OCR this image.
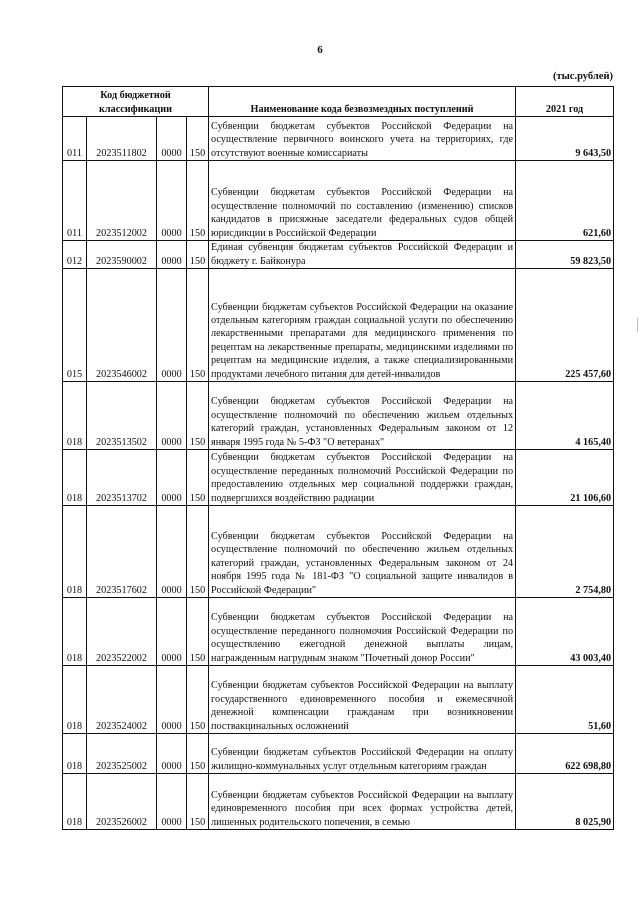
6
(тыс.рублей)
Код бюджетной классификации				Наименование кода безвозмездных поступлений	2021 год
011	2023511802	0000	150	Субвенции бюджетам субъектов Российской Федерации на осуществление первичного воинского учета на территориях, где отсутствуют военные комиссариаты	9 643,50
011	2023512002	0000	150	Субвенции бюджетам субъектов Российской Федерации на осуществление полномочий по составлению (изменению) списков кандидатов в присяжные заседатели федеральных судов общей юрисдикции в Российской Федерации	621,60
012	2023590002	0000	150	Единая субвенция бюджетам субъектов Российской Федерации и бюджету г. Байконура	59 823,50
015	2023546002	0000	150	Субвенции бюджетам субъектов Российской Федерации на оказание отдельным категориям граждан социальной услуги по обеспечению лекарственными препаратами для медицинского применения по рецептам на лекарственные препараты, медицинскими изделиями по рецептам на медицинские изделия, а также специализированными продуктами лечебного питания для детей-инвалидов	225 457,60
018	2023513502	0000	150	Субвенции бюджетам субъектов Российской Федерации на осуществление полномочий по обеспечению жильем отдельных категорий граждан, установленных Федеральным законом от 12 января 1995 года № 5-ФЗ "О ветеранах"	4 165,40
018	2023513702	0000	150	Субвенции бюджетам субъектов Российской Федерации на осуществление переданных полномочий Российской Федерации по предоставлению отдельных мер социальной поддержки граждан, подвергшихся воздействию радиации	21 106,60
018	2023517602	0000	150	Субвенции бюджетам субъектов Российской Федерации на осуществление полномочий по обеспечению жильем отдельных категорий граждан, установленных Федеральным законом от 24 ноября 1995 года № 181-ФЗ "О социальной защите инвалидов в Российской Федерации"	2 754,80
018	2023522002	0000	150	Субвенции бюджетам субъектов Российской Федерации на осуществление переданного полномочия Российской Федерации по осуществлению ежегодной денежной выплаты лицам, награжденным нагрудным знаком "Почетный донор России"	43 003,40
018	2023524002	0000	150	Субвенции бюджетам субъектов Российской Федерации на выплату государственного единовременного пособия и ежемесячной денежной компенсации гражданам при возникновении поствакцинальных осложнений	51,60
018	2023525002	0000	150	Субвенции бюджетам субъектов Российской Федерации на оплату жилищно-коммунальных услуг отдельным категориям граждан	622 698,80
018	2023526002	0000	150	Субвенции бюджетам субъектов Российской Федерации на выплату единовременного пособия при всех формах устройства детей, лишенных родительского попечения, в семью	8 025,90
